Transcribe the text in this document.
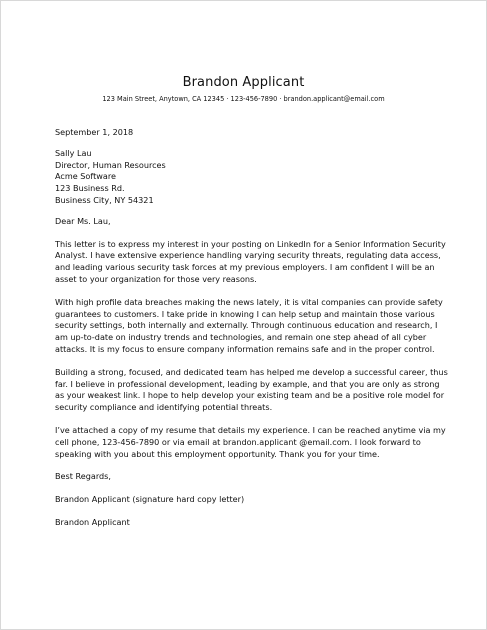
Brandon Applicant
123 Main Street, Anytown, CA 12345 · 123-456-7890 · brandon.applicant@email.com
September 1, 2018
Sally Lau
Director, Human Resources
Acme Software
123 Business Rd.
Business City, NY 54321
Dear Ms. Lau,
This letter is to express my interest in your posting on LinkedIn for a Senior Information Security
Analyst. I have extensive experience handling varying security threats, regulating data access,
and leading various security task forces at my previous employers. I am confident I will be an
asset to your organization for those very reasons.
With high profile data breaches making the news lately, it is vital companies can provide safety
guarantees to customers. I take pride in knowing I can help setup and maintain those various
security settings, both internally and externally. Through continuous education and research, I
am up-to-date on industry trends and technologies, and remain one step ahead of all cyber
attacks. It is my focus to ensure company information remains safe and in the proper control.
Building a strong, focused, and dedicated team has helped me develop a successful career, thus
far. I believe in professional development, leading by example, and that you are only as strong
as your weakest link. I hope to help develop your existing team and be a positive role model for
security compliance and identifying potential threats.
I’ve attached a copy of my resume that details my experience. I can be reached anytime via my
cell phone, 123-456-7890 or via email at brandon.applicant @email.com. I look forward to
speaking with you about this employment opportunity. Thank you for your time.
Best Regards,
Brandon Applicant (signature hard copy letter)
Brandon Applicant
